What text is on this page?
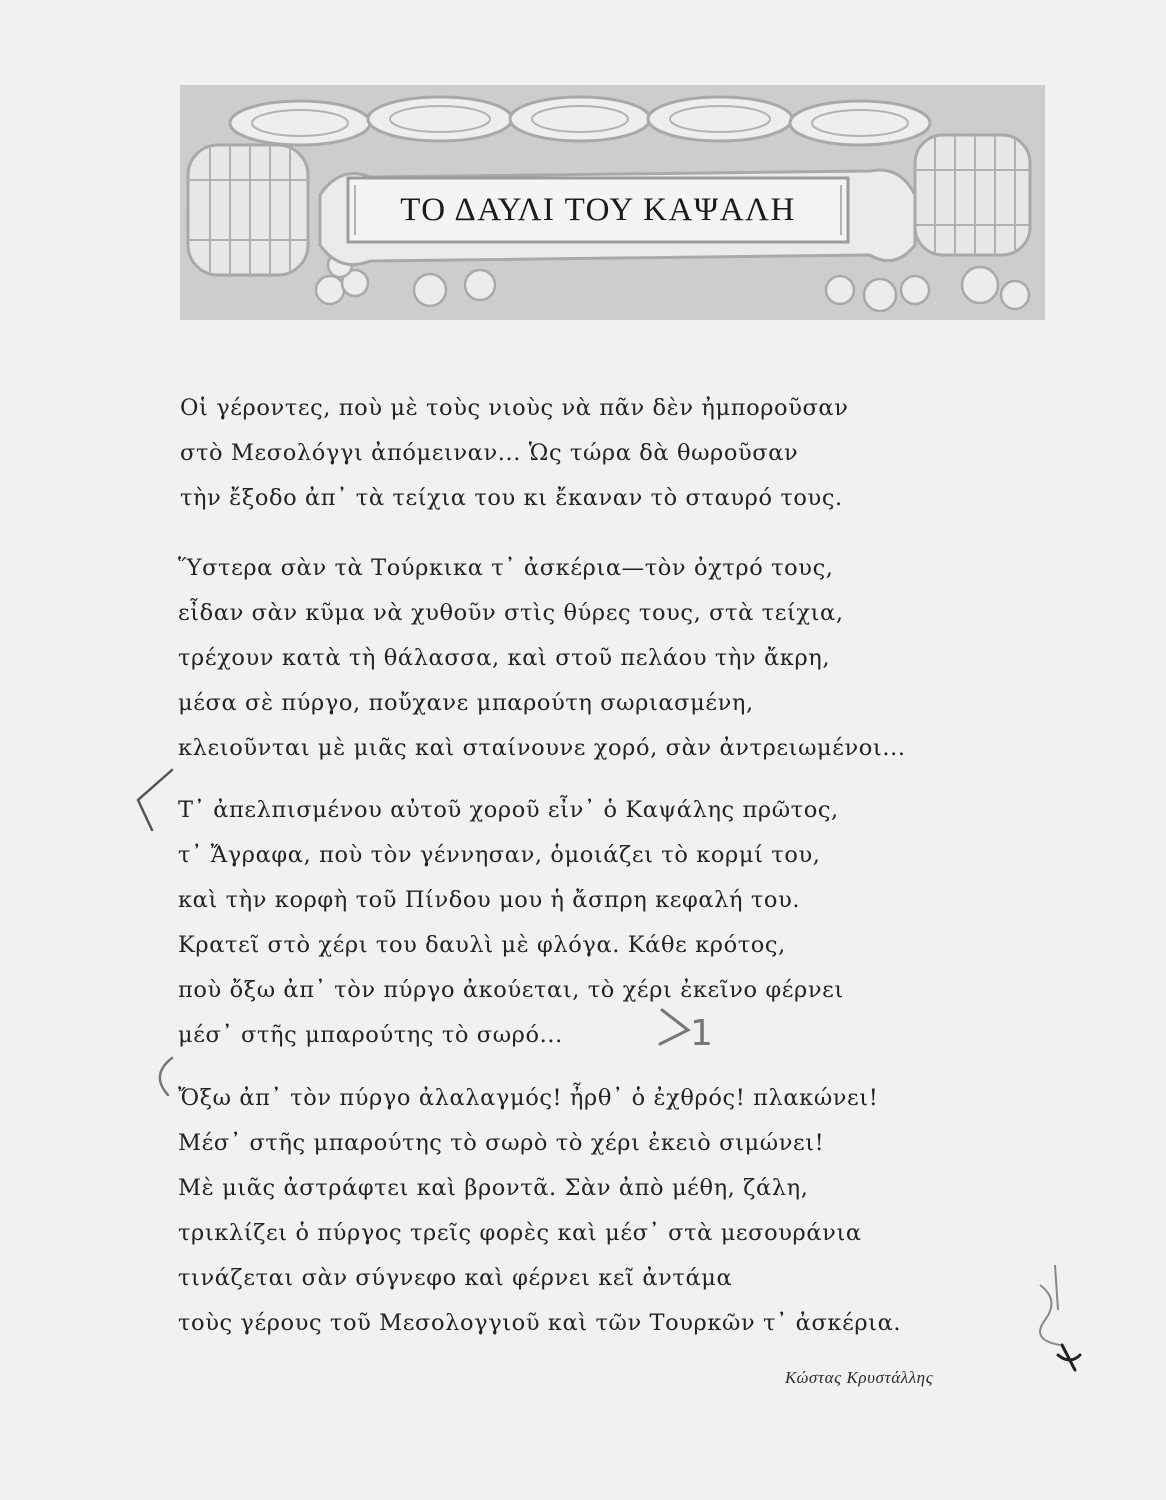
ΤΟ ΔΑΥΛΙ ΤΟΥ ΚΑΨΑΛΗ
Οἱ γέροντες, ποὺ μὲ τοὺς νιοὺς νὰ πᾶν δὲν ἠμποροῦσαν
στὸ Μεσολόγγι ἀπόμειναν... Ὡς τώρα δὰ θωροῦσαν
τὴν ἔξοδο ἀπ᾿ τὰ τείχια του κι ἔκαναν τὸ σταυρό τους.
Ὕστερα σὰν τὰ Τούρκικα τ᾿ ἀσκέρια—τὸν ὀχτρό τους,
εἶδαν σὰν κῦμα νὰ χυθοῦν στὶς θύρες τους, στὰ τείχια,
τρέχουν κατὰ τὴ θάλασσα, καὶ στοῦ πελάου τὴν ἄκρη,
μέσα σὲ πύργο, ποὔχανε μπαρούτη σωριασμένη,
κλειοῦνται μὲ μιᾶς καὶ σταίνουνε χορό, σὰν ἀντρειωμένοι...
Τ᾿ ἀπελπισμένου αὐτοῦ χοροῦ εἶν᾿ ὁ Καψάλης πρῶτος,
τ᾿ Ἄγραφα, ποὺ τὸν γέννησαν, ὁμοιάζει τὸ κορμί του,
καὶ τὴν κορφὴ τοῦ Πίνδου μου ἡ ἄσπρη κεφαλή του.
Κρατεῖ στὸ χέρι του δαυλὶ μὲ φλόγα. Κάθε κρότος,
ποὺ ὄξω ἀπ᾿ τὸν πύργο ἀκούεται, τὸ χέρι ἐκεῖνο φέρνει
μέσ᾿ στῆς μπαρούτης τὸ σωρό...
Ὄξω ἀπ᾿ τὸν πύργο ἀλαλαγμός! ἦρθ᾿ ὁ ἐχθρός! πλακώνει!
Μέσ᾿ στῆς μπαρούτης τὸ σωρὸ τὸ χέρι ἐκειὸ σιμώνει!
Μὲ μιᾶς ἀστράφτει καὶ βροντᾶ. Σὰν ἀπὸ μέθη, ζάλη,
τρικλίζει ὁ πύργος τρεῖς φορὲς καὶ μέσ᾿ στὰ μεσουράνια
τινάζεται σὰν σύγνεφο καὶ φέρνει κεῖ ἀντάμα
τοὺς γέρους τοῦ Μεσολογγιοῦ καὶ τῶν Τουρκῶν τ᾿ ἀσκέρια.
Κώστας Κρυστάλλης
1
